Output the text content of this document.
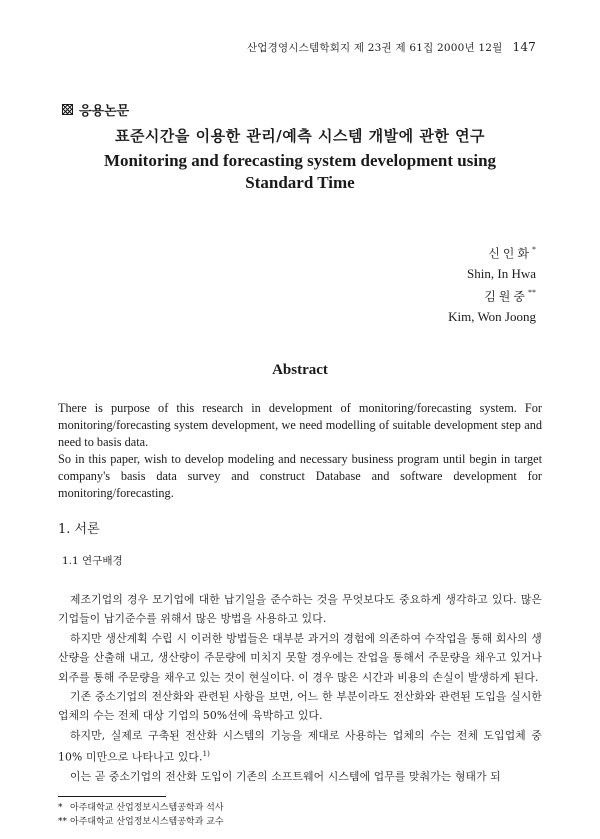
산업경영시스템학회지 제 23권 제 61집 2000년 12월 147
응용논문
표준시간을 이용한 관리/예측 시스템 개발에 관한 연구
Monitoring and forecasting system development using Standard Time
신인화*
Shin, In Hwa
김원중**
Kim, Won Joong
Abstract

There is purpose of this research in development of monitoring/forecasting system. For monitoring/forecasting system development, we need modelling of suitable development step and need to basis data.

So in this paper, wish to develop modeling and necessary business program until begin in target company's basis data survey and construct Database and software development for monitoring/forecasting.

1. 서론
1.1 연구배경

제조기업의 경우 모기업에 대한 납기일을 준수하는 것을 무엇보다도 중요하게 생각하고 있다. 많은 기업들이 납기준수를 위해서 많은 방법을 사용하고 있다.

하지만 생산계획 수립 시 이러한 방법들은 대부분 과거의 경험에 의존하여 수작업을 통해 회사의 생산량을 산출해 내고, 생산량이 주문량에 미치지 못할 경우에는 잔업을 통해서 주문량을 채우고 있거나 외주를 통해 주문량을 채우고 있는 것이 현실이다. 이 경우 많은 시간과 비용의 손실이 발생하게 된다.

기존 중소기업의 전산화와 관련된 사항을 보면, 어느 한 부분이라도 전산화와 관련된 도입을 실시한 업체의 수는 전체 대상 기업의 50%선에 육박하고 있다.

하지만, 실제로 구축된 전산화 시스템의 기능을 제대로 사용하는 업체의 수는 전체 도입업체 중 10% 미만으로 나타나고 있다.$^{1)}$

이는 곧 중소기업의 전산화 도입이 기존의 소프트웨어 시스템에 업무를 맞춰가는 형태가 되

* 아주대학교 산업정보시스템공학과 석사
** 아주대학교 산업정보시스템공학과 교수
